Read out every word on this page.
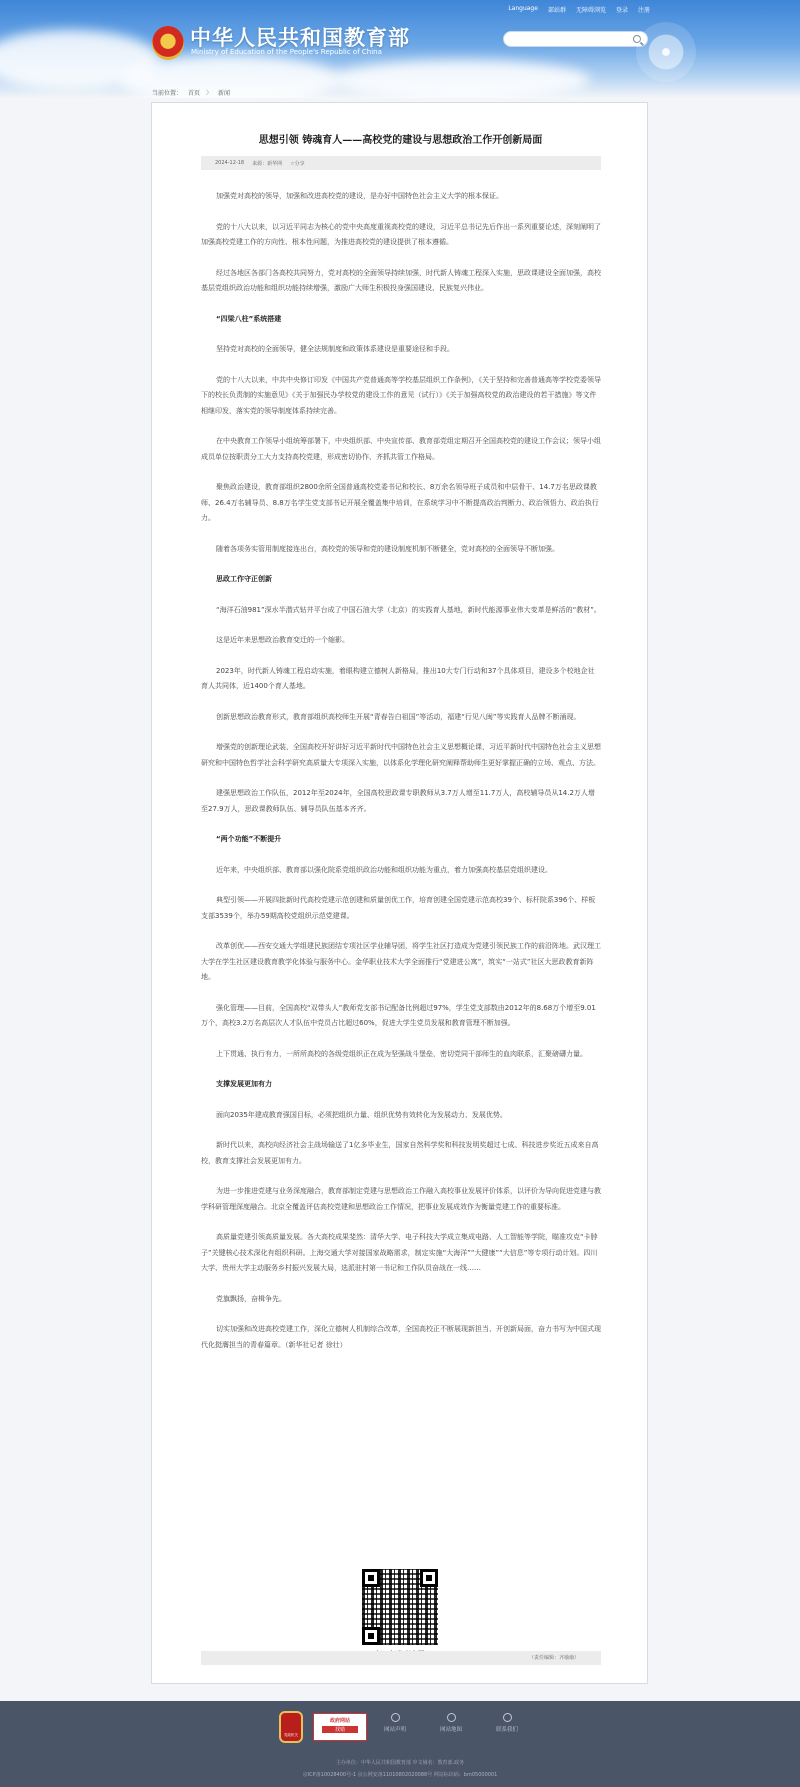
中华人民共和国教育部
Ministry of Education of the People's Republic of China
Language 部站群 无障碍浏览 登录 注册
当前位置： 首页 〉 新闻
思想引领 铸魂育人——高校党的建设与思想政治工作开创新局面
2024-12-18 来源：新华网 ☆分享

加强党对高校的领导，加强和改进高校党的建设，是办好中国特色社会主义大学的根本保证。

党的十八大以来，以习近平同志为核心的党中央高度重视高校党的建设，习近平总书记先后作出一系列重要论述，深刻阐明了加强高校党建工作的方向性、根本性问题，为推进高校党的建设提供了根本遵循。

经过各地区各部门各高校共同努力，党对高校的全面领导持续加强，时代新人铸魂工程深入实施，思政课建设全面加强，高校基层党组织政治功能和组织功能持续增强，激励广大师生积极投身强国建设、民族复兴伟业。

“四梁八柱”系统搭建

坚持党对高校的全面领导，健全法规制度和政策体系建设是重要途径和手段。

党的十八大以来，中共中央修订印发《中国共产党普通高等学校基层组织工作条例》，《关于坚持和完善普通高等学校党委领导下的校长负责制的实施意见》《关于加强民办学校党的建设工作的意见（试行）》《关于加强高校党的政治建设的若干措施》等文件相继印发，落实党的领导制度体系持续完善。

在中央教育工作领导小组统筹部署下，中央组织部、中央宣传部、教育部党组定期召开全国高校党的建设工作会议；领导小组成员单位按职责分工大力支持高校党建，形成密切协作、齐抓共管工作格局。

聚焦政治建设，教育部组织2800余所全国普通高校党委书记和校长、8万余名领导班子成员和中层骨干、14.7万名思政课教师、26.4万名辅导员、8.8万名学生党支部书记开展全覆盖集中培训，在系统学习中不断提高政治判断力、政治领悟力、政治执行力。

随着各项务实管用制度接连出台，高校党的领导和党的建设制度机制不断健全，党对高校的全面领导不断加强。

思政工作守正创新

“海洋石油981”深水半潜式钻井平台成了中国石油大学（北京）的实践育人基地，新时代能源事业伟大变革是鲜活的“教材”。

这是近年来思想政治教育变迁的一个缩影。

2023年，时代新人铸魂工程启动实施，着眼构建立德树人新格局，推出10大专门行动和37个具体项目，建设多个校地企社育人共同体，近1400个育人基地。

创新思想政治教育形式，教育部组织高校师生开展“青春告白祖国”等活动，福建“行见八闽”等实践育人品牌不断涌现。

增强党的创新理论武装，全国高校开好讲好习近平新时代中国特色社会主义思想概论课，习近平新时代中国特色社会主义思想研究和中国特色哲学社会科学研究高质量大专项深入实施，以体系化学理化研究阐释帮助师生更好掌握正确的立场、观点、方法。

建强思想政治工作队伍，2012年至2024年，全国高校思政课专职教师从3.7万人增至11.7万人，高校辅导员从14.2万人增至27.9万人，思政课教师队伍、辅导员队伍基本齐齐。

“两个功能”不断提升

近年来，中央组织部、教育部以强化院系党组织政治功能和组织功能为重点，着力加强高校基层党组织建设。

典型引领——开展四批新时代高校党建示范创建和质量创优工作，培育创建全国党建示范高校39个、标杆院系396个、样板支部3539个，举办59期高校党组织示范党建课。

改革创优——西安交通大学组建民族团结专项社区学业辅导团，将学生社区打造成为党建引领民族工作的前沿阵地。武汉理工大学在学生社区建设教育教学化体验与服务中心。金华职业技术大学全面推行“党建进公寓”，筑实“一站式”社区大思政教育新阵地。

强化管理——目前，全国高校“双带头人”教师党支部书记配备比例超过97%，学生党支部数由2012年的8.68万个增至9.01万个，高校3.2万名高层次人才队伍中党员占比超过60%，促进大学生党员发展和教育管理不断加强。

上下贯通、执行有力，一所所高校的各级党组织正在成为坚强战斗堡垒，密切党同干部师生的血肉联系，汇聚磅礴力量。

支撑发展更加有力

面向2035年建成教育强国目标，必须把组织力量、组织优势有效转化为发展动力、发展优势。

新时代以来，高校向经济社会主战场输送了1亿多毕业生，国家自然科学奖和科技发明奖超过七成、科技进步奖近五成来自高校，教育支撑社会发展更加有力。

为进一步推进党建与业务深度融合，教育部制定党建与思想政治工作融入高校事业发展评价体系，以评价为导向促进党建与教学科研管理深度融合。北京全覆盖评估高校党建和思想政治工作情况，把事业发展成效作为衡量党建工作的重要标准。

高质量党建引领高质量发展。各大高校成果斐然：清华大学、电子科技大学成立集成电路、人工智能等学院，瞄准攻克“卡脖子”关键核心技术深化有组织科研。上海交通大学对接国家战略需求，制定实施“大海洋”“大健康”“大信息”等专项行动计划。四川大学、贵州大学主动服务乡村振兴发展大局，选派驻村第一书记和工作队员奋战在一线……

党旗飘扬，奋楫争先。

切实加强和改进高校党建工作，深化立德树人机制综合改革，全国高校正不断展现新担当、开创新局面，奋力书写为中国式现代化挺膺担当的青春篇章。（新华社记者 徐壮）

（责任编辑：齐瑜瑜）
党政机关
政府网站
找错	网站声明	网站地图	联系我们
主办单位：中华人民共和国教育部 中文域名：教育部.政务
京ICP备10028400号-1 京公网安备11010802020088号 网站标识码：bm05000001
